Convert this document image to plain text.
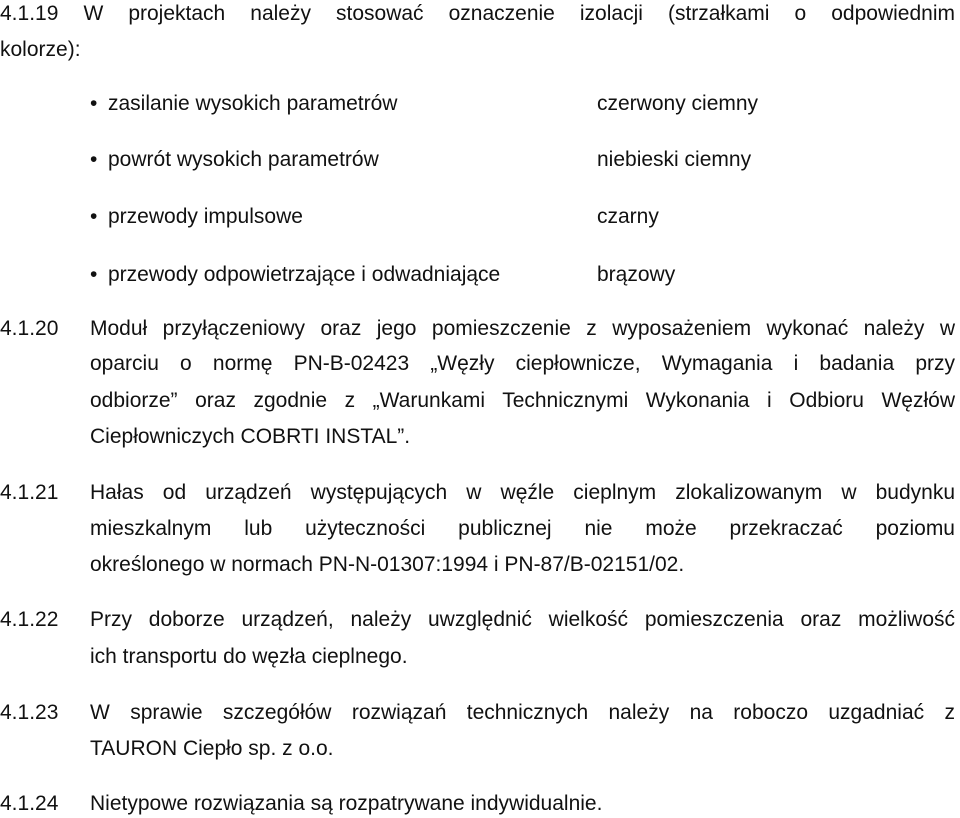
4.1.19 W projektach należy stosować oznaczenie izolacji (strzałkami o odpowiednim
kolorze):
• zasilanie wysokich parametrów	czerwony ciemny
• powrót wysokich parametrów	niebieski ciemny
• przewody impulsowe	czarny
• przewody odpowietrzające i odwadniające	brązowy
4.1.20 Moduł przyłączeniowy oraz jego pomieszczenie z wyposażeniem wykonać należy w
oparciu o normę PN-B-02423 „Węzły ciepłownicze, Wymagania i badania przy
odbiorze” oraz zgodnie z „Warunkami Technicznymi Wykonania i Odbioru Węzłów
Ciepłowniczych COBRTI INSTAL”.
4.1.21 Hałas od urządzeń występujących w węźle cieplnym zlokalizowanym w budynku
mieszkalnym lub użyteczności publicznej nie może przekraczać poziomu
określonego w normach PN-N-01307:1994 i PN-87/B-02151/02.
4.1.22 Przy doborze urządzeń, należy uwzględnić wielkość pomieszczenia oraz możliwość
ich transportu do węzła cieplnego.
4.1.23 W sprawie szczegółów rozwiązań technicznych należy na roboczo uzgadniać z
TAURON Ciepło sp. z o.o.
4.1.24 Nietypowe rozwiązania są rozpatrywane indywidualnie.
